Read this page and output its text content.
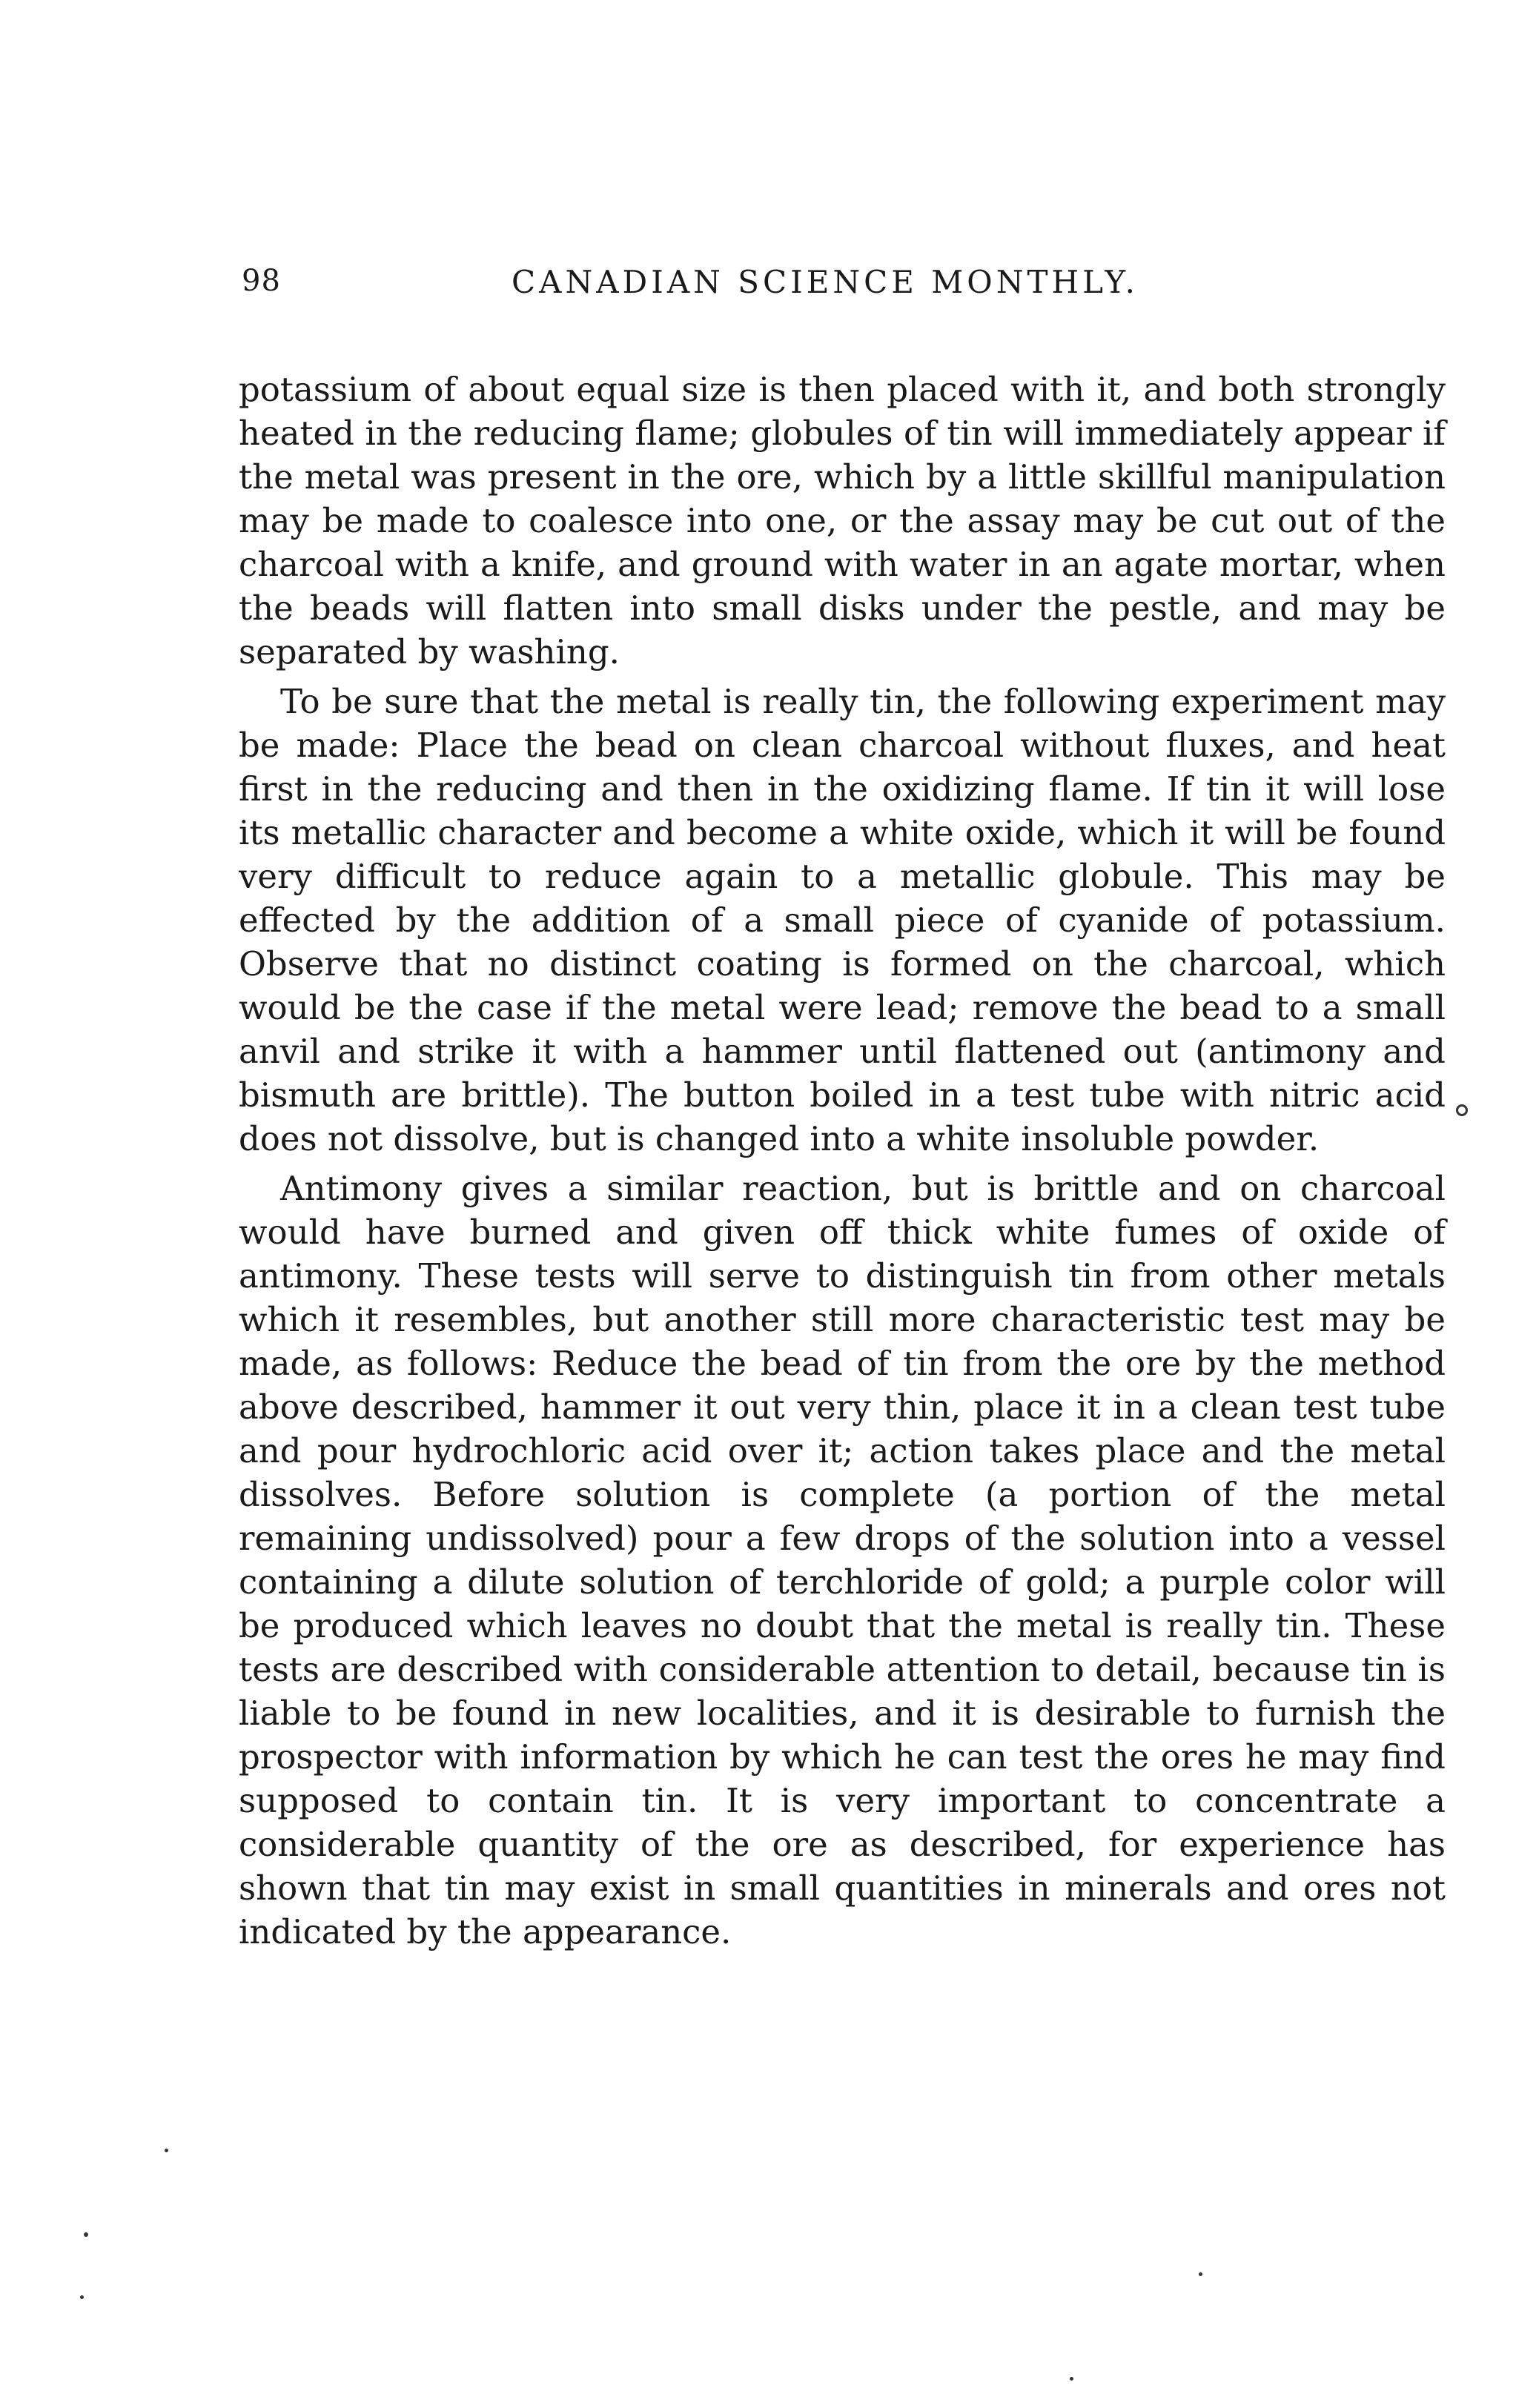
98	CANADIAN SCIENCE MONTHLY.

potassium of about equal size is then placed with it, and both strongly heated in the reducing flame; globules of tin will immediately appear if the metal was present in the ore, which by a little skillful manipulation may be made to coalesce into one, or the assay may be cut out of the charcoal with a knife, and ground with water in an agate mortar, when the beads will flatten into small disks under the pestle, and may be separated by washing.

To be sure that the metal is really tin, the following experiment may be made: Place the bead on clean charcoal without fluxes, and heat first in the reducing and then in the oxidizing flame. If tin it will lose its metallic character and become a white oxide, which it will be found very difficult to reduce again to a metallic globule. This may be effected by the addition of a small piece of cyanide of potassium. Observe that no distinct coating is formed on the charcoal, which would be the case if the metal were lead; remove the bead to a small anvil and strike it with a hammer until flattened out (antimony and bismuth are brittle). The button boiled in a test tube with nitric acid does not dissolve, but is changed into a white insoluble powder.

Antimony gives a similar reaction, but is brittle and on charcoal would have burned and given off thick white fumes of oxide of antimony. These tests will serve to distinguish tin from other metals which it resembles, but another still more characteristic test may be made, as follows: Reduce the bead of tin from the ore by the method above described, hammer it out very thin, place it in a clean test tube and pour hydrochloric acid over it; action takes place and the metal dissolves. Before solution is complete (a portion of the metal remaining undissolved) pour a few drops of the solution into a vessel containing a dilute solution of terchloride of gold; a purple color will be produced which leaves no doubt that the metal is really tin. These tests are described with considerable attention to detail, because tin is liable to be found in new localities, and it is desirable to furnish the prospector with information by which he can test the ores he may find supposed to contain tin. It is very important to concentrate a considerable quantity of the ore as described, for experience has shown that tin may exist in small quantities in minerals and ores not indicated by the appearance.
